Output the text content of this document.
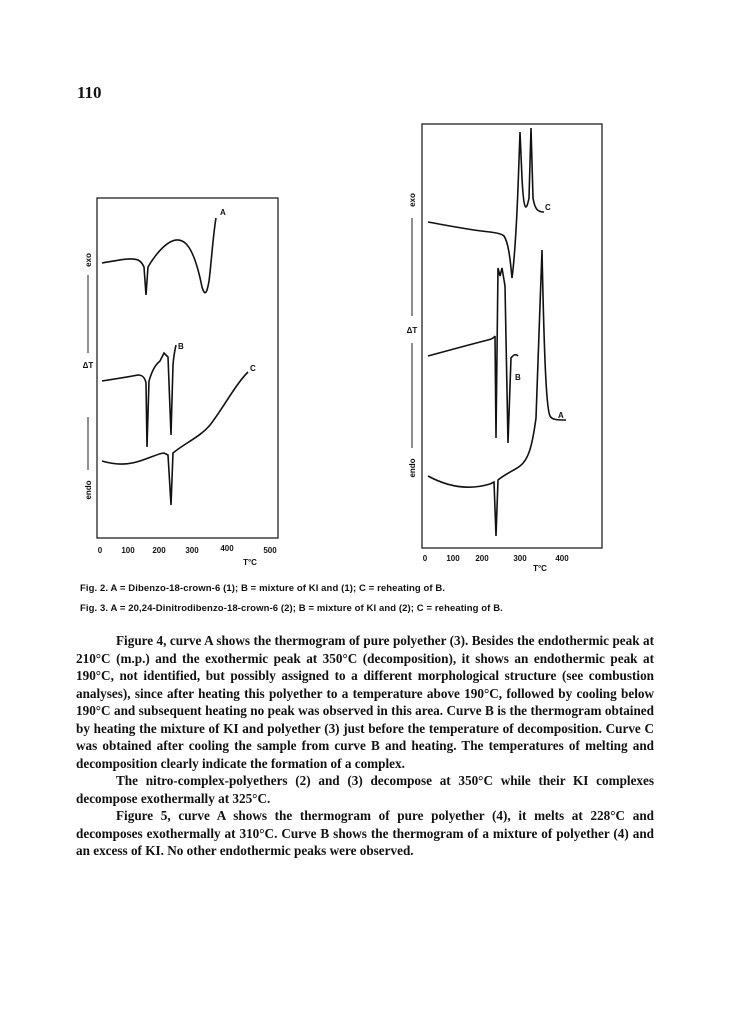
110
endo
ΔT
exo
A
B
C
0 100 200 300	400	500
T°C
endo
ΔT
exo
C
B
A
0 100 200	300	400
T°C
Fig. 2. A = Dibenzo-18-crown-6 (1); B = mixture of KI and (1); C = reheating of B.
Fig. 3. A = 20,24-Dinitrodibenzo-18-crown-6 (2); B = mixture of KI and (2); C = reheating of B.

Figure 4, curve A shows the thermogram of pure polyether (3). Besides the endothermic peak at 210°C (m.p.) and the exothermic peak at 350°C (decomposition), it shows an endothermic peak at 190°C, not identified, but possibly assigned to a different morphological structure (see combustion analyses), since after heating this polyether to a temperature above 190°C, followed by cooling below 190°C and subsequent heating no peak was observed in this area. Curve B is the thermogram obtained by heating the mixture of KI and polyether (3) just before the temperature of decomposition. Curve C was obtained after cooling the sample from curve B and heating. The temperatures of melting and decomposition clearly indicate the formation of a complex.

The nitro-complex-polyethers (2) and (3) decompose at 350°C while their KI complexes decompose exothermally at 325°C.

Figure 5, curve A shows the thermogram of pure polyether (4), it melts at 228°C and decomposes exothermally at 310°C. Curve B shows the thermogram of a mixture of polyether (4) and an excess of KI. No other endothermic peaks were observed.
